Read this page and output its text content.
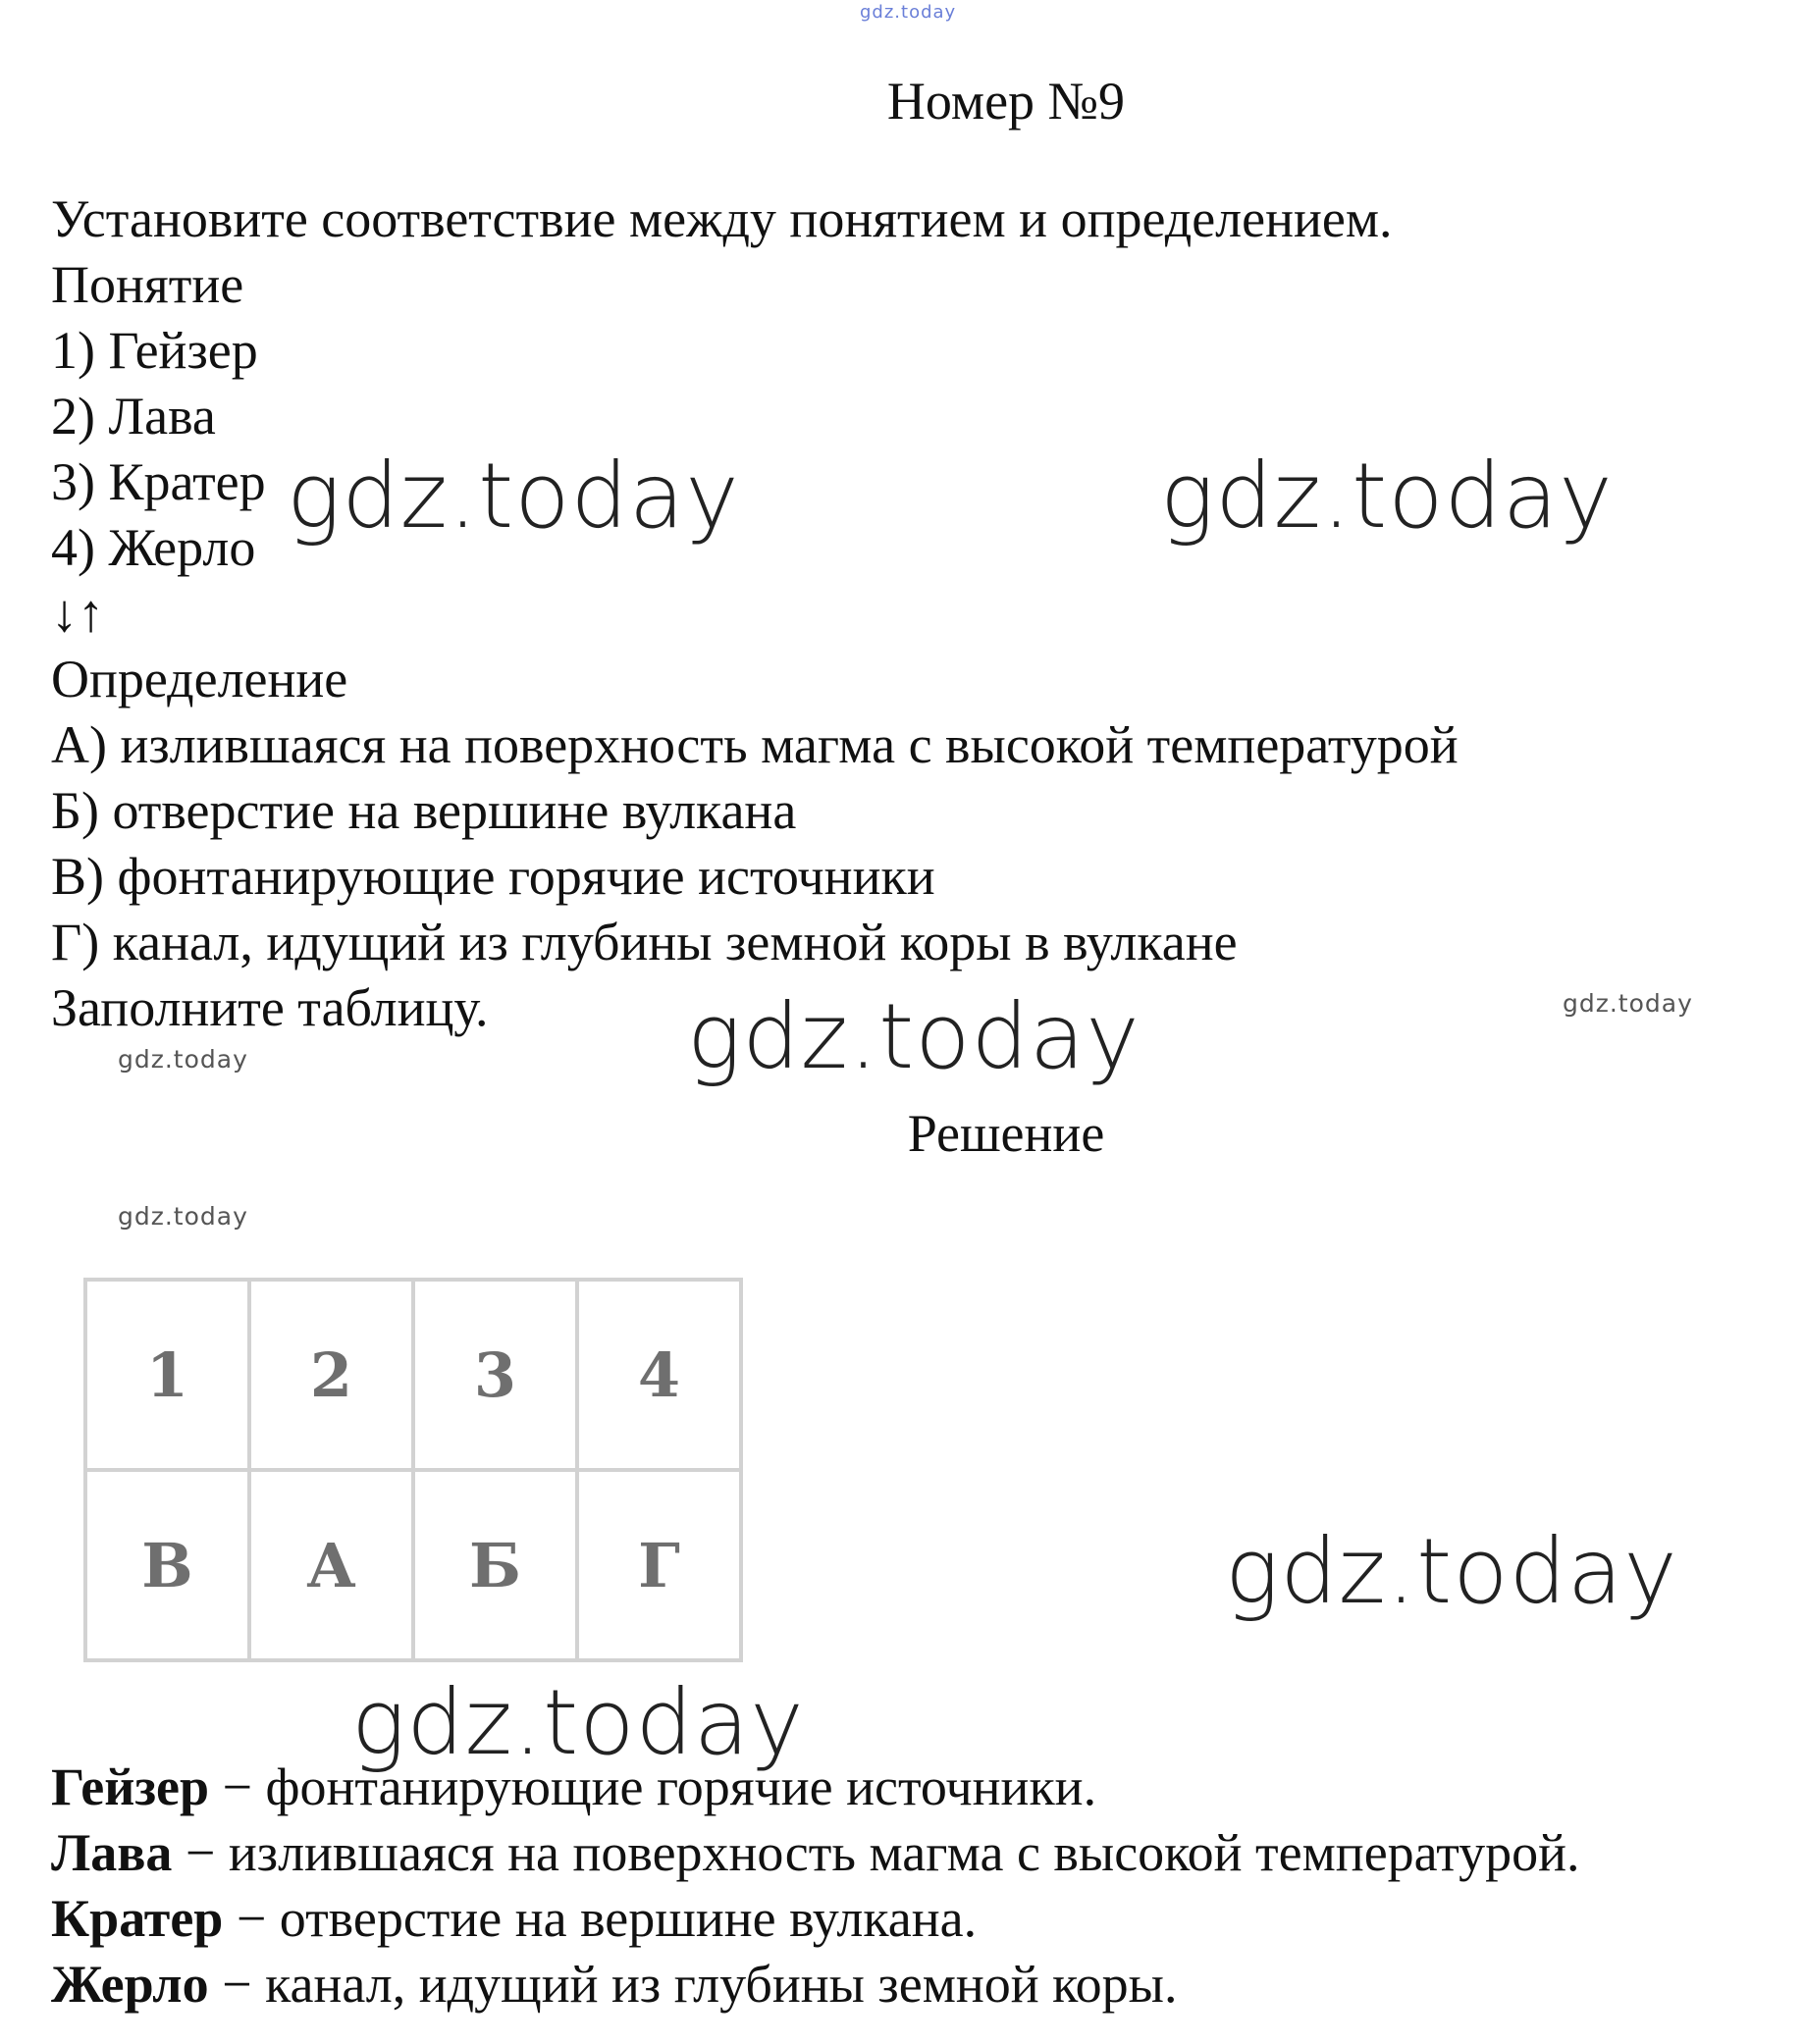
gdz.today
gdz.today	gdz.today
gdz.today
gdz.today	gdz.today
gdz.today
gdz.today
gdz.today
Номер №9
Установите соответствие между понятием и определением.
Понятие
1) Гейзер
2) Лава
3) Кратер
4) Жерло
↓↑
Определение
А) излившаяся на поверхность магма с высокой температурой
Б) отверстие на вершине вулкана
В) фонтанирующие горячие источники
Г) канал, идущий из глубины земной коры в вулкане
Заполните таблицу.
Решение
1	2	3	4
В	А	Б	Г
Гейзер − фонтанирующие горячие источники.
Лава − излившаяся на поверхность магма с высокой температурой.
Кратер − отверстие на вершине вулкана.
Жерло − канал, идущий из глубины земной коры.
